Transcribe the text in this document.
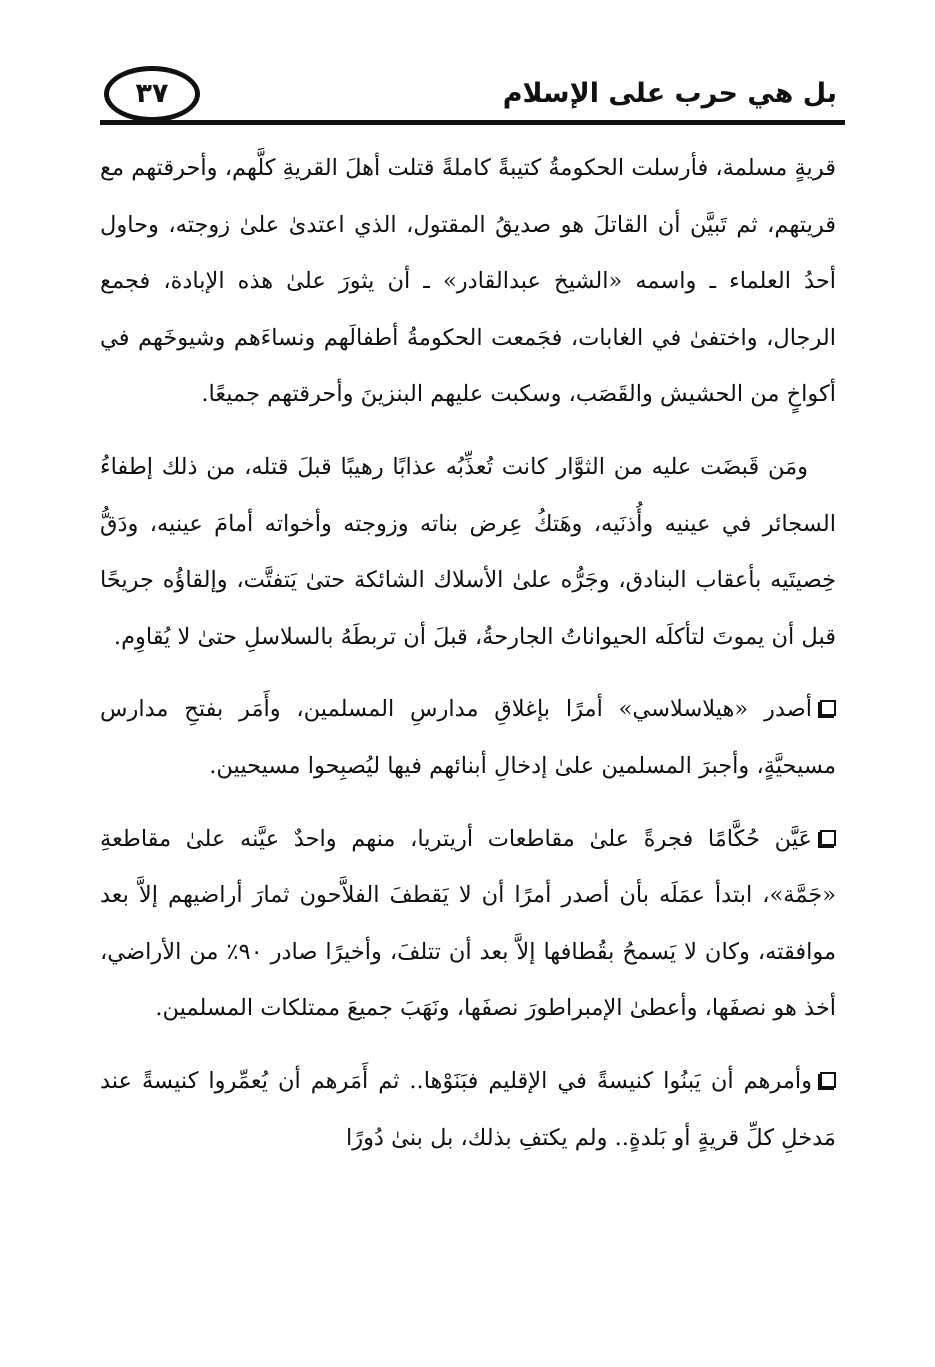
بل هي حرب على الإسلام
٣٧

قريةٍ مسلمة، فأرسلت الحكومةُ كتيبةً كاملةً قتلت أهلَ القريةِ كلَّهم، وأحرقتهم مع قريتهم، ثم تَبيَّن أن القاتلَ هو صديقُ المقتول، الذي اعتدىٰ علىٰ زوجته، وحاول أحدُ العلماء ـ واسمه «الشيخ عبدالقادر» ـ أن يثورَ علىٰ هذه الإبادة، فجمع الرجال، واختفىٰ في الغابات، فجَمعت الحكومةُ أطفالَهم ونساءَهم وشيوخَهم في أكواخٍ من الحشيش والقَصَب، وسكبت عليهم البنزينَ وأحرقتهم جميعًا.

ومَن قَبضَت عليه من الثوَّار كانت تُعذِّبُه عذابًا رهيبًا قبلَ قتله، من ذلك إطفاءُ السجائر في عينيه وأُذنَيه، وهَتكُ عِرض بناته وزوجته وأخواته أمامَ عينيه، ودَقُّ خِصيتَيه بأعقاب البنادق، وجَرُّه علىٰ الأسلاك الشائكة حتىٰ يَتفتَّت، وإلقاؤُه جريحًا قبل أن يموتَ لتأكلَه الحيواناتُ الجارحةُ، قبلَ أن تربطَهُ بالسلاسلِ حتىٰ لا يُقاوِم.

أصدر «هيلاسلاسي» أمرًا بإغلاقِ مدارسِ المسلمين، وأَمَر بفتحِ مدارس مسيحيَّةٍ، وأجبرَ المسلمين علىٰ إدخالِ أبنائهم فيها ليُصبِحوا مسيحيين.

عَيَّن حُكَّامًا فجرةً علىٰ مقاطعات أريتريا، منهم واحدٌ عيَّنه علىٰ مقاطعةِ «جَمَّة»، ابتدأ عمَلَه بأن أصدر أمرًا أن لا يَقطفَ الفلاَّحون ثمارَ أراضيهم إلاَّ بعد موافقته، وكان لا يَسمحُ بقُطافها إلاَّ بعد أن تتلفَ، وأخيرًا صادر ٩٠٪ من الأراضي، أخذ هو نصفَها، وأعطىٰ الإمبراطورَ نصفَها، ونَهَبَ جميعَ ممتلكات المسلمين.

وأمرهم أن يَبنُوا كنيسةً في الإقليم فبَنَوْها.. ثم أَمَرهم أن يُعمِّروا كنيسةً عند مَدخلِ كلِّ قريةٍ أو بَلدةٍ.. ولم يكتفِ بذلك، بل بنىٰ دُورًا
